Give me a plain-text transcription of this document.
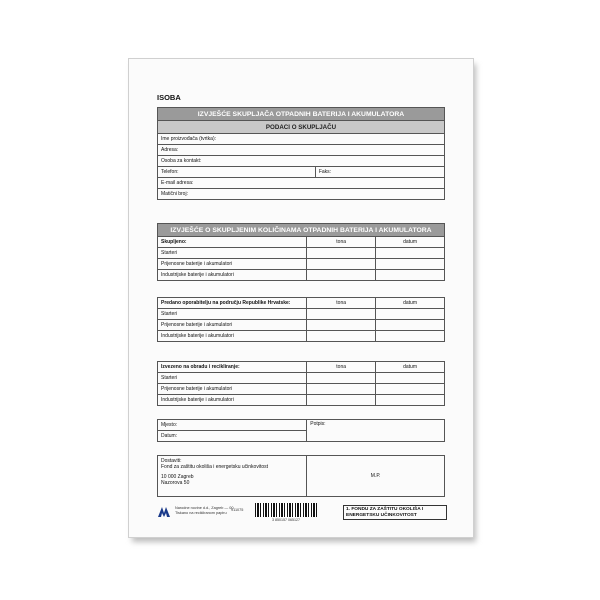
ISOBA
IZVJEŠĆE SKUPLJAČA OTPADNIH BATERIJA I AKUMULATORA
PODACI O SKUPLJAČU
Ime proizvođača (tvrtka):
Adresa:
Osoba za kontakt:
Telefon:	Faks:
E-mail adresa:
Matični broj:
IZVJEŠĆE O SKUPLJENIM KOLIČINAMA OTPADNIH BATERIJA I AKUMULATORA		
Skupljeno:	tona	datum
Starteri		
Prijenosne baterije i akumulatori		
Industrijske baterije i akumulatori		
Predano oporabitelju na području Republike Hrvatske:	tona	datum
Starteri		
Prijenosne baterije i akumulatori		
Industrijske baterije i akumulatori		
Izvezeno na obradu i recikliranje:	tona	datum
Starteri		
Prijenosne baterije i akumulatori		
Industrijske baterije i akumulatori		
Mjesto:	Potpis:
Datum:
Dostaviti:
Fond za zaštitu okoliša i energetsku učinkovitost
10 000 Zagreb
Nazorova 50
	M.P.
Narodne novine d.d., Zagreb — 00.
Tiskano na recikliranom papiru
911075
3 850157 065127
1. FONDU ZA ZAŠTITU OKOLIŠA I
ENERGETSKU UČINKOVITOST
